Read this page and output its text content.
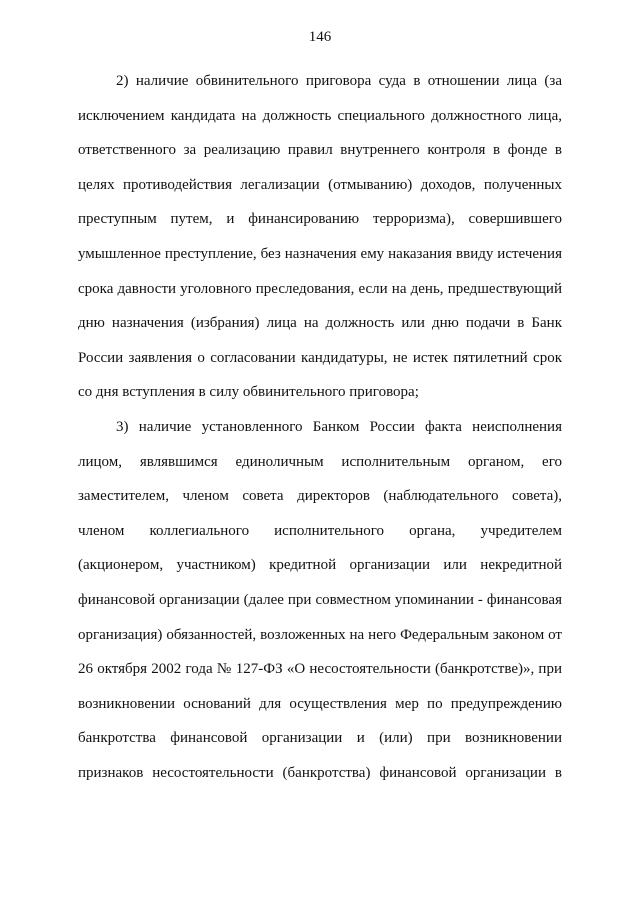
146
2) наличие обвинительного приговора суда в отношении лица (за
исключением кандидата на должность специального должностного лица,
ответственного за реализацию правил внутреннего контроля в фонде в
целях противодействия легализации (отмыванию) доходов, полученных
преступным путем, и финансированию терроризма), совершившего
умышленное преступление, без назначения ему наказания ввиду истечения
срока давности уголовного преследования, если на день, предшествующий
дню назначения (избрания) лица на должность или дню подачи в Банк
России заявления о согласовании кандидатуры, не истек пятилетний срок
со дня вступления в силу обвинительного приговора;
3) наличие установленного Банком России факта неисполнения
лицом, являвшимся единоличным исполнительным органом, его
заместителем, членом совета директоров (наблюдательного совета),
членом коллегиального исполнительного органа, учредителем
(акционером, участником) кредитной организации или некредитной
финансовой организации (далее при совместном упоминании - финансовая
организация) обязанностей, возложенных на него Федеральным законом от
26 октября 2002 года № 127-ФЗ «О несостоятельности (банкротстве)», при
возникновении оснований для осуществления мер по предупреждению
банкротства финансовой организации и (или) при возникновении
признаков несостоятельности (банкротства) финансовой организации в
